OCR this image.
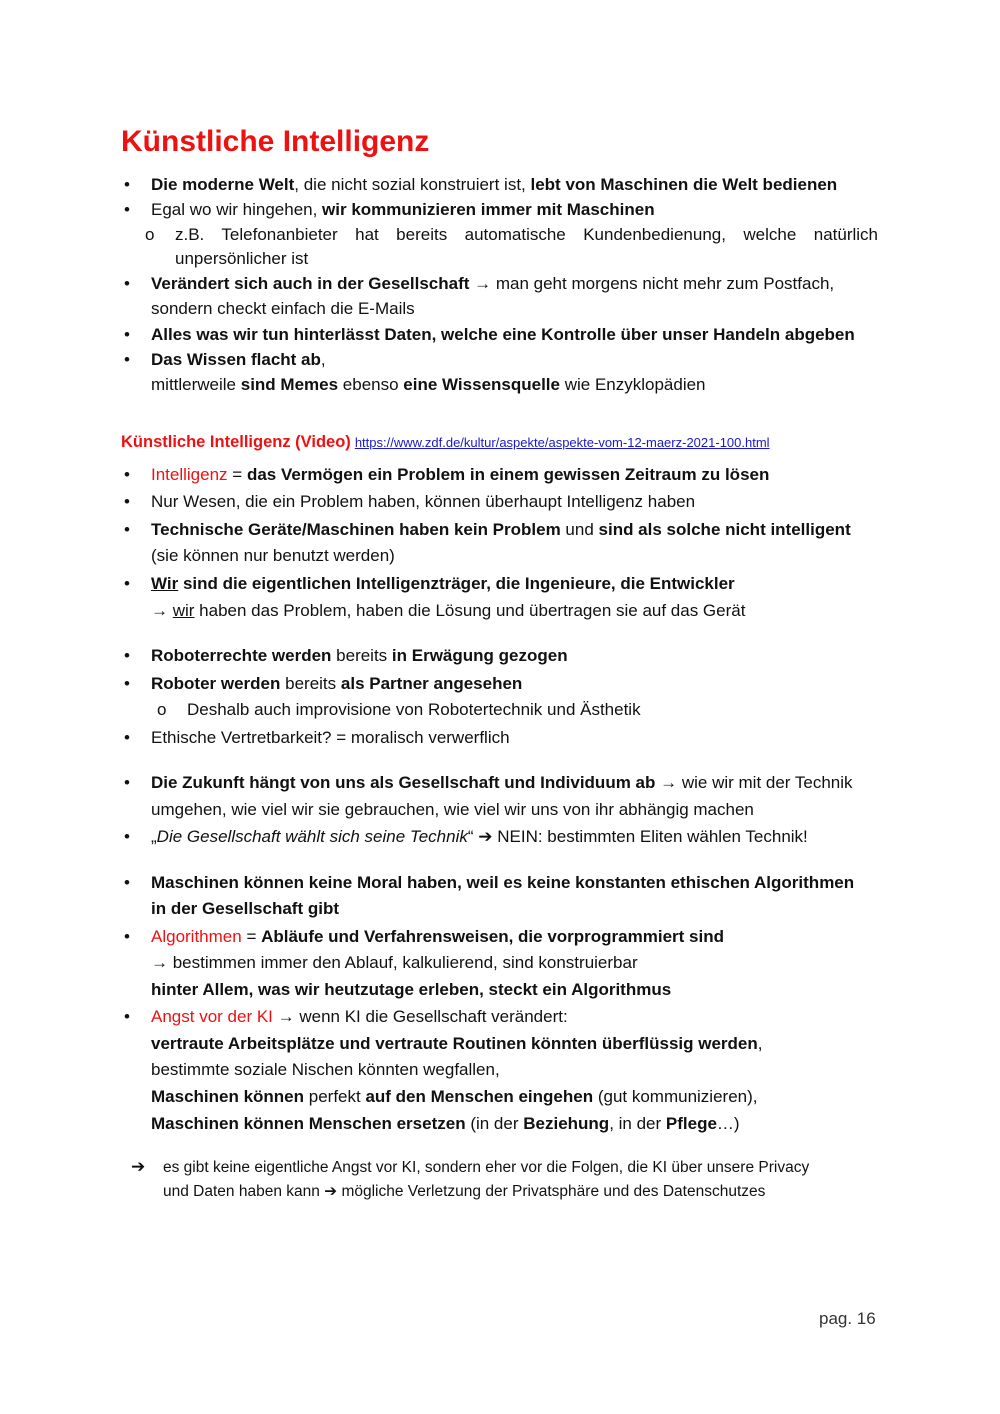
Künstliche Intelligenz
• Die moderne Welt, die nicht sozial konstruiert ist, lebt von Maschinen die Welt bedienen
• Egal wo wir hingehen, wir kommunizieren immer mit Maschinen
o z.B. Telefonanbieter hat bereits automatische Kundenbedienung, welche natürlich
unpersönlicher ist
• Verändert sich auch in der Gesellschaft → man geht morgens nicht mehr zum Postfach,
sondern checkt einfach die E-Mails
• Alles was wir tun hinterlässt Daten, welche eine Kontrolle über unser Handeln abgeben
• Das Wissen flacht ab,
mittlerweile sind Memes ebenso eine Wissensquelle wie Enzyklopädien
Künstliche Intelligenz (Video) https://www.zdf.de/kultur/aspekte/aspekte-vom-12-maerz-2021-100.html
• Intelligenz = das Vermögen ein Problem in einem gewissen Zeitraum zu lösen
• Nur Wesen, die ein Problem haben, können überhaupt Intelligenz haben
• Technische Geräte/Maschinen haben kein Problem und sind als solche nicht intelligent
(sie können nur benutzt werden)
• Wir sind die eigentlichen Intelligenzträger, die Ingenieure, die Entwickler
→ wir haben das Problem, haben die Lösung und übertragen sie auf das Gerät
• Roboterrechte werden bereits in Erwägung gezogen
• Roboter werden bereits als Partner angesehen
o Deshalb auch improvisione von Robotertechnik und Ästhetik
• Ethische Vertretbarkeit? = moralisch verwerflich
• Die Zukunft hängt von uns als Gesellschaft und Individuum ab → wie wir mit der Technik
umgehen, wie viel wir sie gebrauchen, wie viel wir uns von ihr abhängig machen
• „Die Gesellschaft wählt sich seine Technik“ ➔ NEIN: bestimmten Eliten wählen Technik!
• Maschinen können keine Moral haben, weil es keine konstanten ethischen Algorithmen
in der Gesellschaft gibt
• Algorithmen = Abläufe und Verfahrensweisen, die vorprogrammiert sind
→ bestimmen immer den Ablauf, kalkulierend, sind konstruierbar
hinter Allem, was wir heutzutage erleben, steckt ein Algorithmus
• Angst vor der KI → wenn KI die Gesellschaft verändert:
vertraute Arbeitsplätze und vertraute Routinen könnten überflüssig werden,
bestimmte soziale Nischen könnten wegfallen,
Maschinen können perfekt auf den Menschen eingehen (gut kommunizieren),
Maschinen können Menschen ersetzen (in der Beziehung, in der Pflege…)
➔ es gibt keine eigentliche Angst vor KI, sondern eher vor die Folgen, die KI über unsere Privacy
und Daten haben kann ➔ mögliche Verletzung der Privatsphäre und des Datenschutzes
pag. 16
